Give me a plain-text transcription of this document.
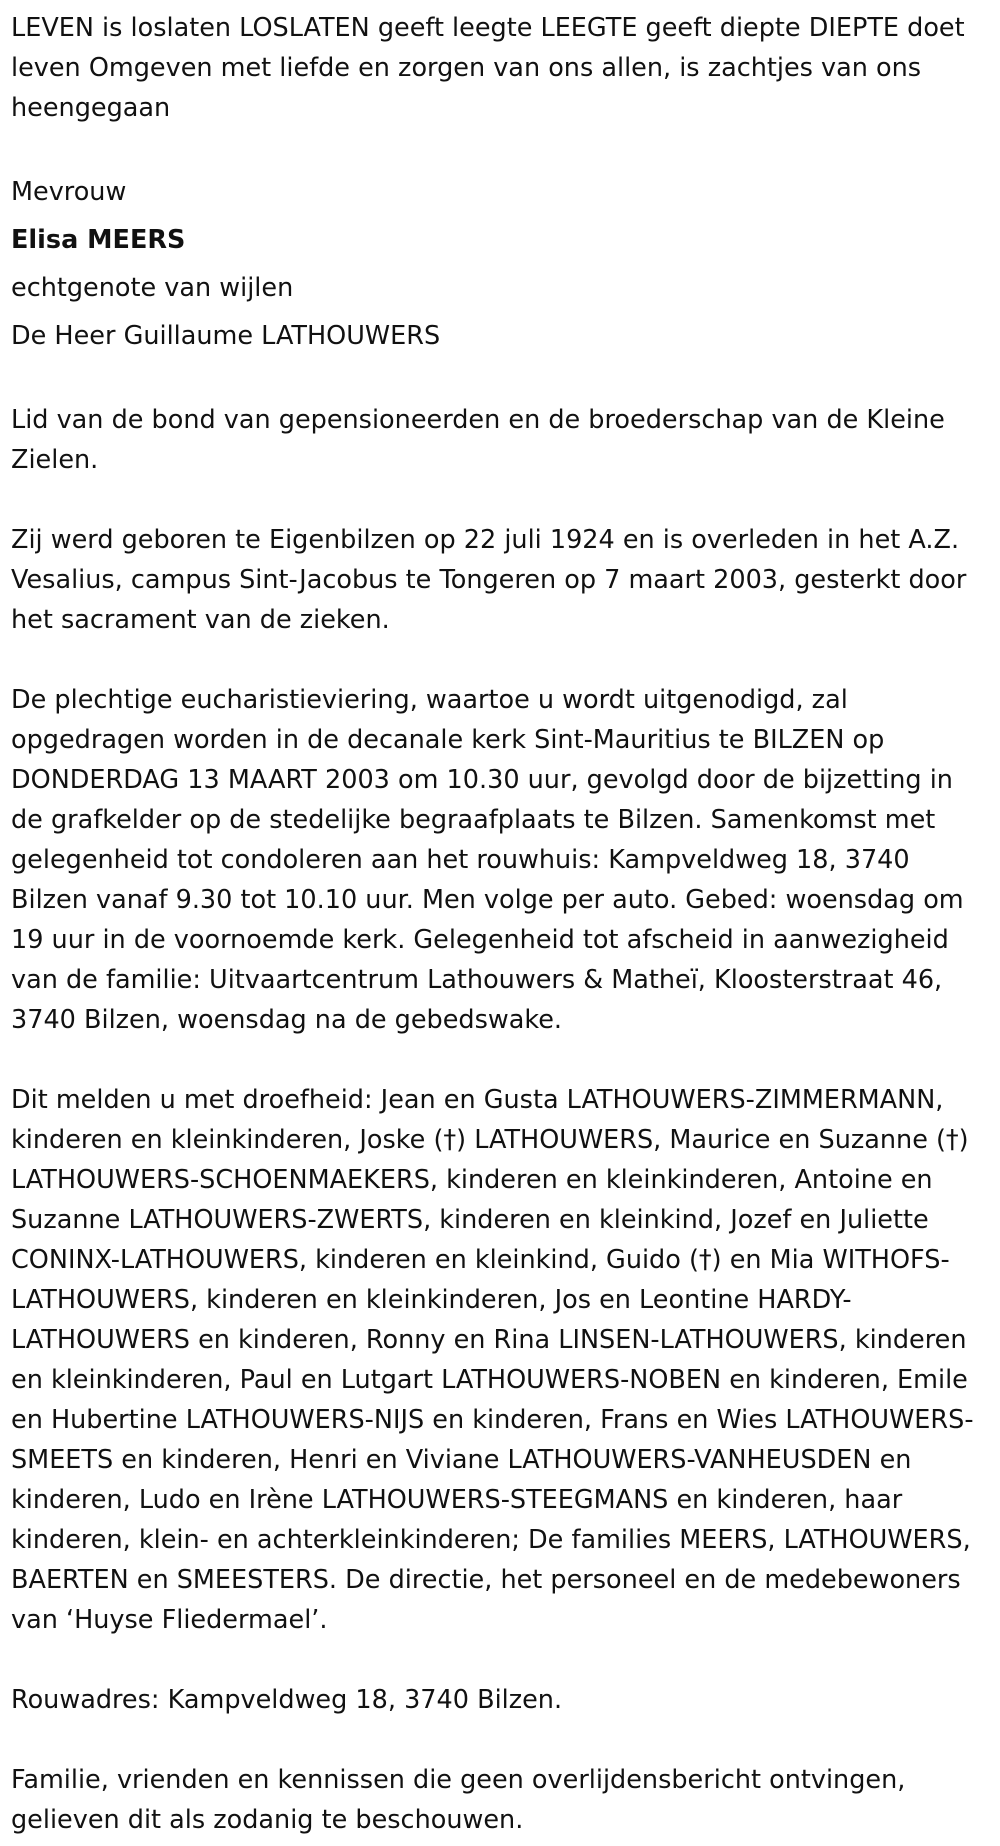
LEVEN is loslaten LOSLATEN geeft leegte LEEGTE geeft diepte DIEPTE doet leven Omgeven met liefde en zorgen van ons allen, is zachtjes van ons heengegaan

Mevrouw

Elisa MEERS

echtgenote van wijlen

De Heer Guillaume LATHOUWERS

Lid van de bond van gepensioneerden en de broederschap van de Kleine Zielen.

Zij werd geboren te Eigenbilzen op 22 juli 1924 en is overleden in het A.Z. Vesalius, campus Sint-Jacobus te Tongeren op 7 maart 2003, gesterkt door het sacrament van de zieken.

De plechtige eucharistieviering, waartoe u wordt uitgenodigd, zal opgedragen worden in de decanale kerk Sint-Mauritius te BILZEN op DONDERDAG 13 MAART 2003 om 10.30 uur, gevolgd door de bijzetting in de grafkelder op de stedelijke begraafplaats te Bilzen. Samenkomst met gelegenheid tot condoleren aan het rouwhuis: Kampveldweg 18, 3740 Bilzen vanaf 9.30 tot 10.10 uur. Men volge per auto. Gebed: woensdag om 19 uur in de voornoemde kerk. Gelegenheid tot afscheid in aanwezigheid van de familie: Uitvaartcentrum Lathouwers & Matheï, Kloosterstraat 46, 3740 Bilzen, woensdag na de gebedswake.

Dit melden u met droefheid: Jean en Gusta LATHOUWERS-ZIMMERMANN, kinderen en kleinkinderen, Joske (†) LATHOUWERS, Maurice en Suzanne (†) LATHOUWERS-SCHOENMAEKERS, kinderen en kleinkinderen, Antoine en Suzanne LATHOUWERS-ZWERTS, kinderen en kleinkind, Jozef en Juliette CONINX-LATHOUWERS, kinderen en kleinkind, Guido (†) en Mia WITHOFS-LATHOUWERS, kinderen en kleinkinderen, Jos en Leontine HARDY-LATHOUWERS en kinderen, Ronny en Rina LINSEN-LATHOUWERS, kinderen en kleinkinderen, Paul en Lutgart LATHOUWERS-NOBEN en kinderen, Emile en Hubertine LATHOUWERS-NIJS en kinderen, Frans en Wies LATHOUWERS-SMEETS en kinderen, Henri en Viviane LATHOUWERS-VANHEUSDEN en kinderen, Ludo en Irène LATHOUWERS-STEEGMANS en kinderen, haar kinderen, klein- en achterkleinkinderen; De families MEERS, LATHOUWERS, BAERTEN en SMEESTERS. De directie, het personeel en de medebewoners van ‘Huyse Fliedermael’.

Rouwadres: Kampveldweg 18, 3740 Bilzen.

Familie, vrienden en kennissen die geen overlijdensbericht ontvingen, gelieven dit als zodanig te beschouwen.
